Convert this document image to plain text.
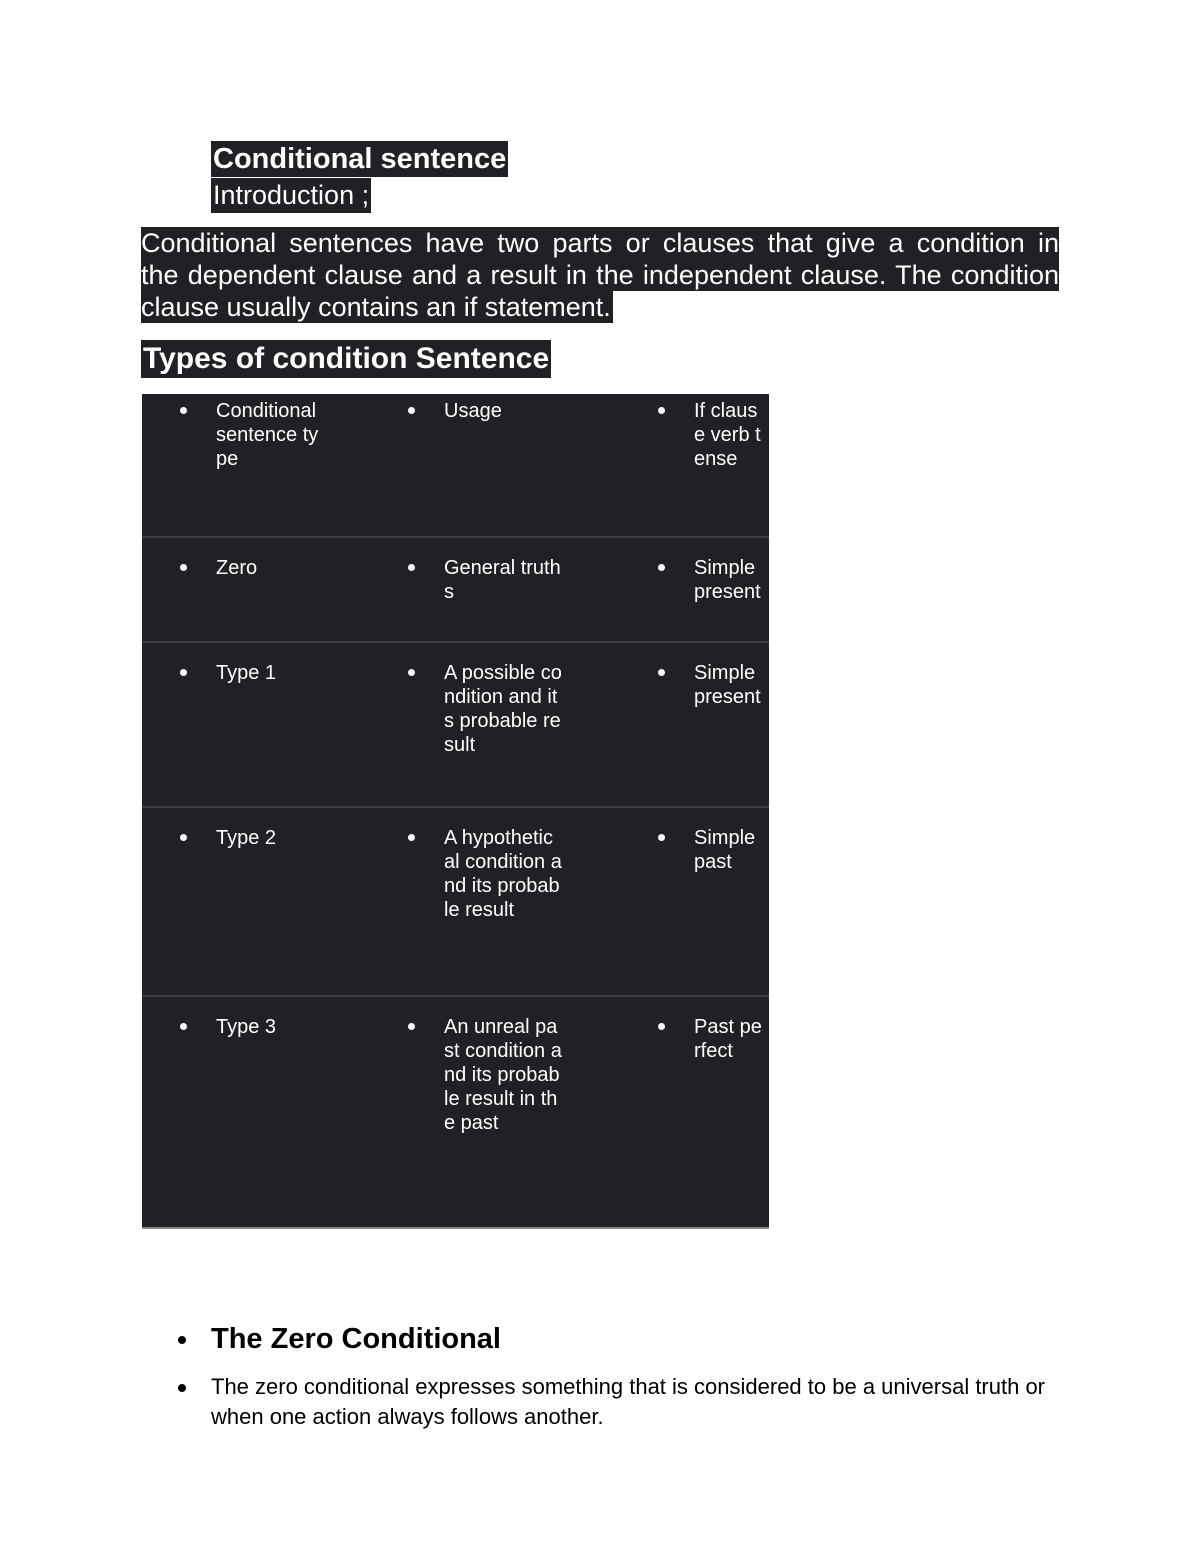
Conditional sentence
Introduction ;
Conditional sentences have two parts or clauses that give a condition in
the dependent clause and a result in the independent clause. The condition
clause usually contains an if statement.
Types of condition Sentence
Conditional sentence type	Usage	If clause verb tense

Zero	General truths	Simple present

Type 1	A possible condition and its probable result	Simple present

Type 2	A hypothetical condition and its probable result	Simple past

Type 3	An unreal past condition and its probable result in the past	Past perfect
The Zero Conditional
The zero conditional expresses something that is considered to be a universal truth or when one action always follows another.
